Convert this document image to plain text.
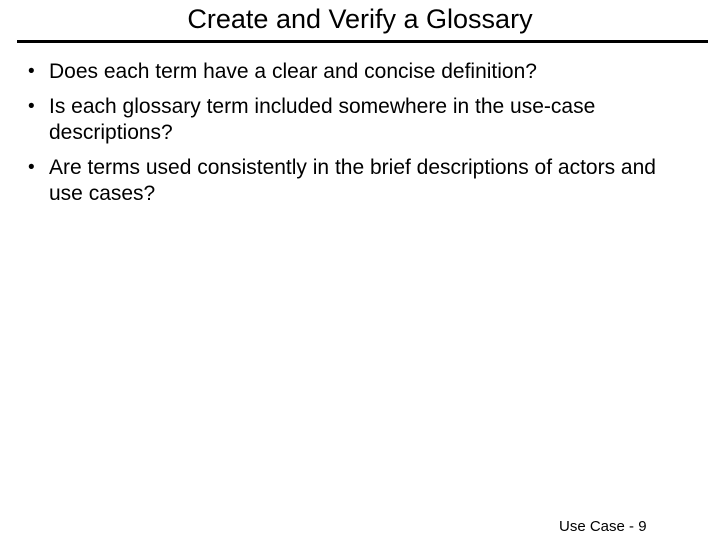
Create and Verify a Glossary
• Does each term have a clear and concise definition?
• Is each glossary term included somewhere in the use-case descriptions?
• Are terms used consistently in the brief descriptions of actors and use cases?
Use Case - 9
